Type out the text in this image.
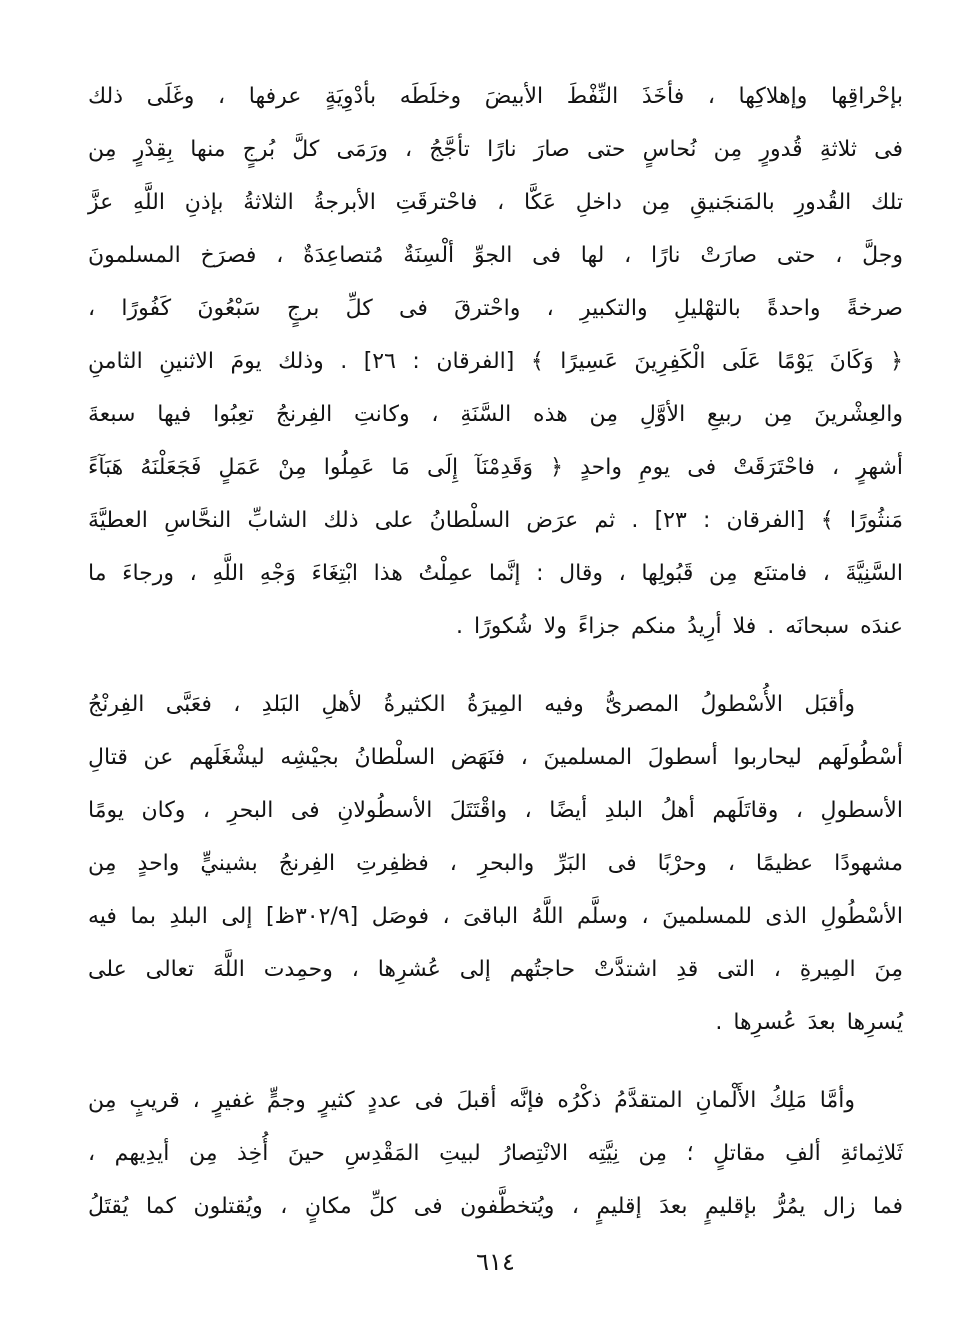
بإحْراقِها وإهلاكِها ، فأخَذَ النِّفْطَ الأبيضَ وخلَطَه بأدْوِيَةٍ عرفها ، وغَلَى ذلك
فى ثلاثةِ قُدورٍ مِن نُحاسٍ حتى صارَ نارًا تأجَّجُ ، ورَمَى كلَّ بُرجٍ منها بِقِدْرٍ مِن
تلك القُدورِ بالمَنجَنيقِ مِن داخلِ عَكَّا ، فاحْترقَتِ الأبرجةُ الثلاثةُ بإذنِ اللَّهِ عزَّ
وجلَّ ، حتى صارَتْ نارًا ، لها فى الجوِّ ألْسِنَةٌ مُتصاعِدَةٌ ، فصرَخ المسلمونَ
صرخةً واحدةً بالتهْليلِ والتكبيرِ ، واحْترقَ فى كلِّ برجٍ سَبْعُونَ كَفُورًا ،
﴿ وَكَانَ يَوْمًا عَلَى الْكَفِرِينَ عَسِيرًا ﴾ [الفرقان : ٢٦] . وذلك يومَ الاثنينِ الثامنِ
والعِشْرينَ مِن ربيعِ الأوَّلِ مِن هذه السَّنَةِ ، وكانتِ الفِرنجُ تعِبُوا فيها سبعةَ
أشهرٍ ، فاحْتَرَقَتْ فى يومِ واحدٍ ﴿ وَقَدِمْنَآ إِلَى مَا عَمِلُوا مِنْ عَمَلٍ فَجَعَلْنَهُ هَبَآءً
مَنثُورًا ﴾ [الفرقان : ٢٣] . ثم عرَض السلْطانُ على ذلك الشابِّ النحَّاسِ العطيَّةَ
السَّنِيَّةَ ، فامتنَع مِن قَبُولِها ، وقال : إنَّما عمِلْتُ هذا ابْتِغَاءَ وَجْهِ اللَّهِ ، ورجاءَ ما
عندَه سبحانَه . فلا أرِيدُ منكم جزاءً ولا شُكورًا .
وأقبَل الأُسْطولُ المصرىُّ وفيه المِيرَةُ الكثيرةُ لأهلِ البَلدِ ، فعَبَّى الفِرنْجُ
أسْطُولَهم ليحاربوا أسطولَ المسلمينَ ، فنَهَض السلْطانُ بجيْشِه ليشْغَلَهم عن قتالِ
الأسطولِ ، وقاتَلَهم أهلُ البلدِ أيضًا ، واقْتَتَلَ الأسطُولانِ فى البحرِ ، وكان يومًا
مشهودًا عظيمًا ، وحرْبًا فى البَرِّ والبحرِ ، فظفِرتِ الفِرنجُ بشينيٍّ واحدٍ مِن
الأسْطُولِ الذى للمسلمينَ ، وسلَّم اللَّهُ الباقىَ ، فوصَل [٣٠٢/٩ظ] إلى البلدِ بما فيه
مِنَ المِيرةِ ، التى قدِ اشتدَّتْ حاجتُهم إلى عُشرِها ، وحمِدت اللَّهَ تعالى على
يُسرِها بعدَ عُسرِها .
وأمَّا مَلِكُ الأَلْمانِ المتقدَّمُ ذكْرُه فإنَّه أقبلَ فى عددٍ كثيرٍ وجمٍّ غفيرٍ ، قريبٍ مِن
ثَلاثِمائةِ ألفِ مقاتلٍ ؛ مِن نِيَّتِه الانْتِصارُ لبيتِ المَقْدِسِ حينَ أُخِذ مِن أيدِيهم ،
فما زال يمُرُّ بإقليمٍ بعدَ إقليمٍ ، ويُتخطَّفون فى كلِّ مكانٍ ، ويُقتلون كما يُقتَلُ
٦١٤
